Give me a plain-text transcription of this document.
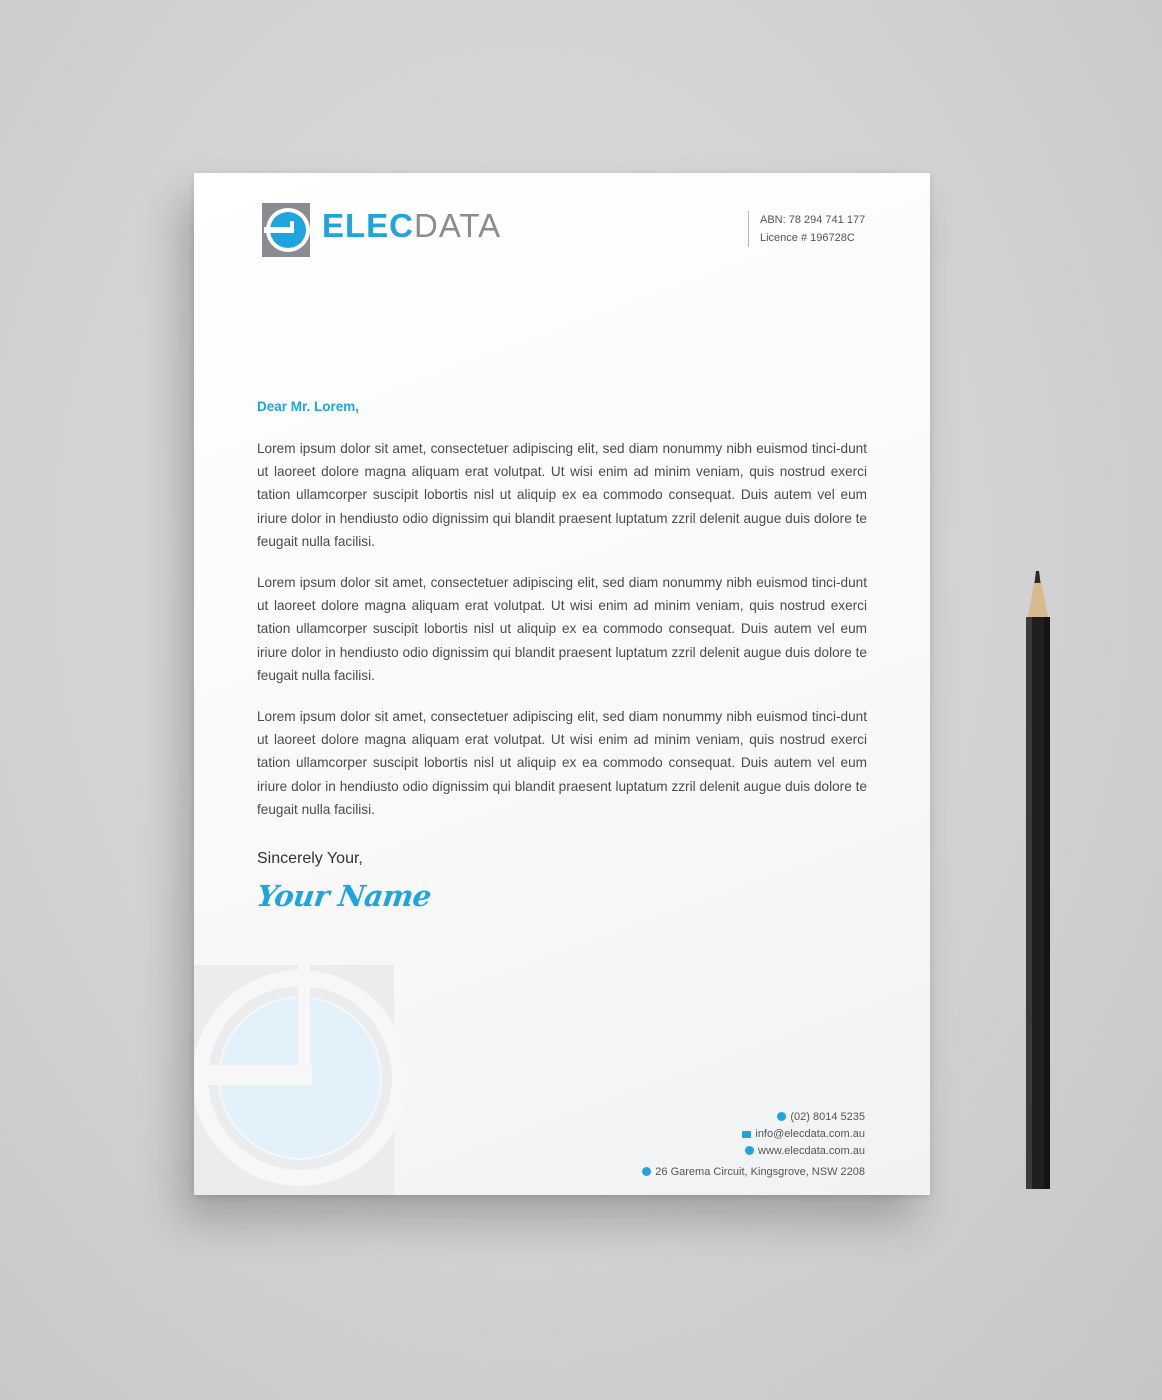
ELECDATA	ABN: 78 294 741 177
Licence # 196728C
Dear Mr. Lorem,
Lorem ipsum dolor sit amet, consectetuer adipiscing elit, sed diam nonummy nibh euismod tinci-dunt ut laoreet dolore magna aliquam erat volutpat. Ut wisi enim ad minim veniam, quis nostrud exerci tation ullamcorper suscipit lobortis nisl ut aliquip ex ea commodo consequat. Duis autem vel eum iriure dolor in hendiusto odio dignissim qui blandit praesent luptatum zzril delenit augue duis dolore te feugait nulla facilisi.
Lorem ipsum dolor sit amet, consectetuer adipiscing elit, sed diam nonummy nibh euismod tinci-dunt ut laoreet dolore magna aliquam erat volutpat. Ut wisi enim ad minim veniam, quis nostrud exerci tation ullamcorper suscipit lobortis nisl ut aliquip ex ea commodo consequat. Duis autem vel eum iriure dolor in hendiusto odio dignissim qui blandit praesent luptatum zzril delenit augue duis dolore te feugait nulla facilisi.
Lorem ipsum dolor sit amet, consectetuer adipiscing elit, sed diam nonummy nibh euismod tinci-dunt ut laoreet dolore magna aliquam erat volutpat. Ut wisi enim ad minim veniam, quis nostrud exerci tation ullamcorper suscipit lobortis nisl ut aliquip ex ea commodo consequat. Duis autem vel eum iriure dolor in hendiusto odio dignissim qui blandit praesent luptatum zzril delenit augue duis dolore te feugait nulla facilisi.
Sincerely Your,
Your Name
(02) 8014 5235
info@elecdata.com.au
www.elecdata.com.au
26 Garema Circuit, Kingsgrove, NSW 2208
